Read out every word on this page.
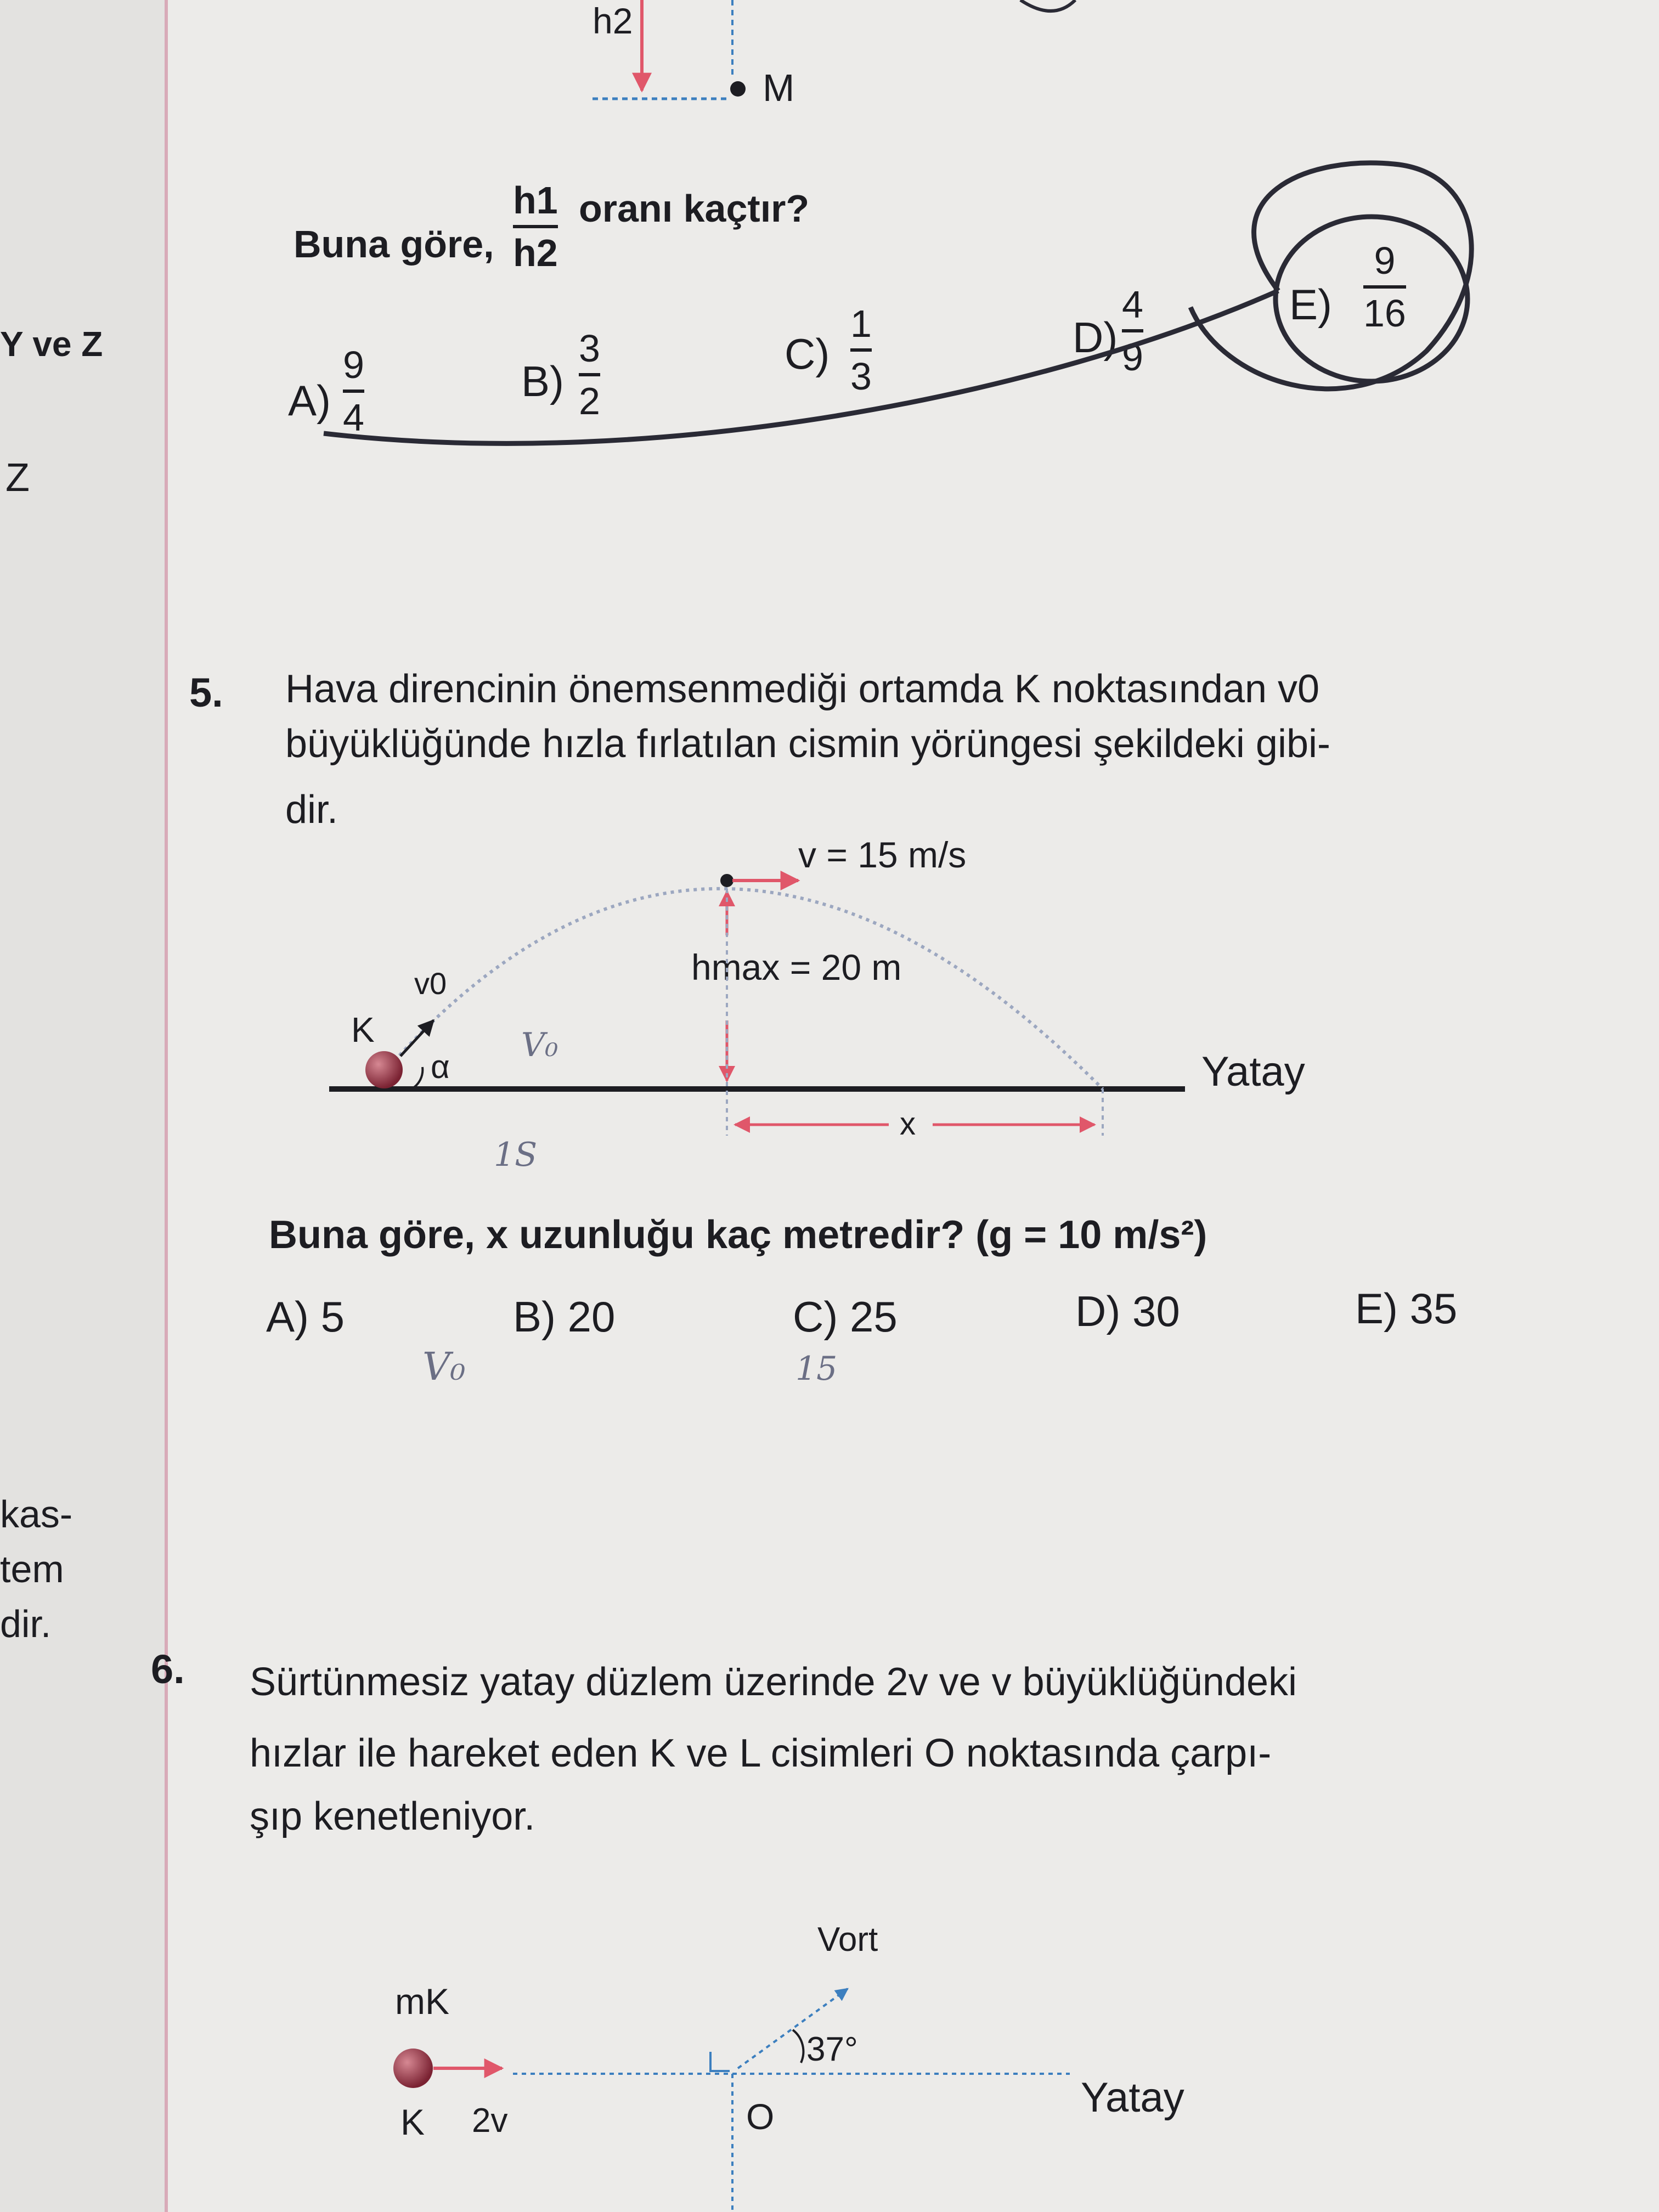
Y ve Z
Z
kas-
tem
dir.
h2
M
Buna göre,
h1
h2
oranı kaçtır?
A)
9
4
B)
3
2
C)
1
3
D)
4
9
E)
9
16
5. Hava direncinin önemsenmediği ortamda K noktasından v0
büyüklüğünde hızla fırlatılan cismin yörüngesi şekildeki gibi-
dir.
v = 15 m/s
hmax = 20 m
v0
α
K
x
Yatay
Buna göre, x uzunluğu kaç metredir? (g = 10 m/s²)
A) 5	B) 20	C) 25	D) 30	E) 35
6. Sürtünmesiz yatay düzlem üzerinde 2v ve v büyüklüğündeki
hızlar ile hareket eden K ve L cisimleri O noktasında çarpı-
şıp kenetleniyor.
mK
K 2v
Vort
37°
O	Yatay
V₀
1S
V₀	15
